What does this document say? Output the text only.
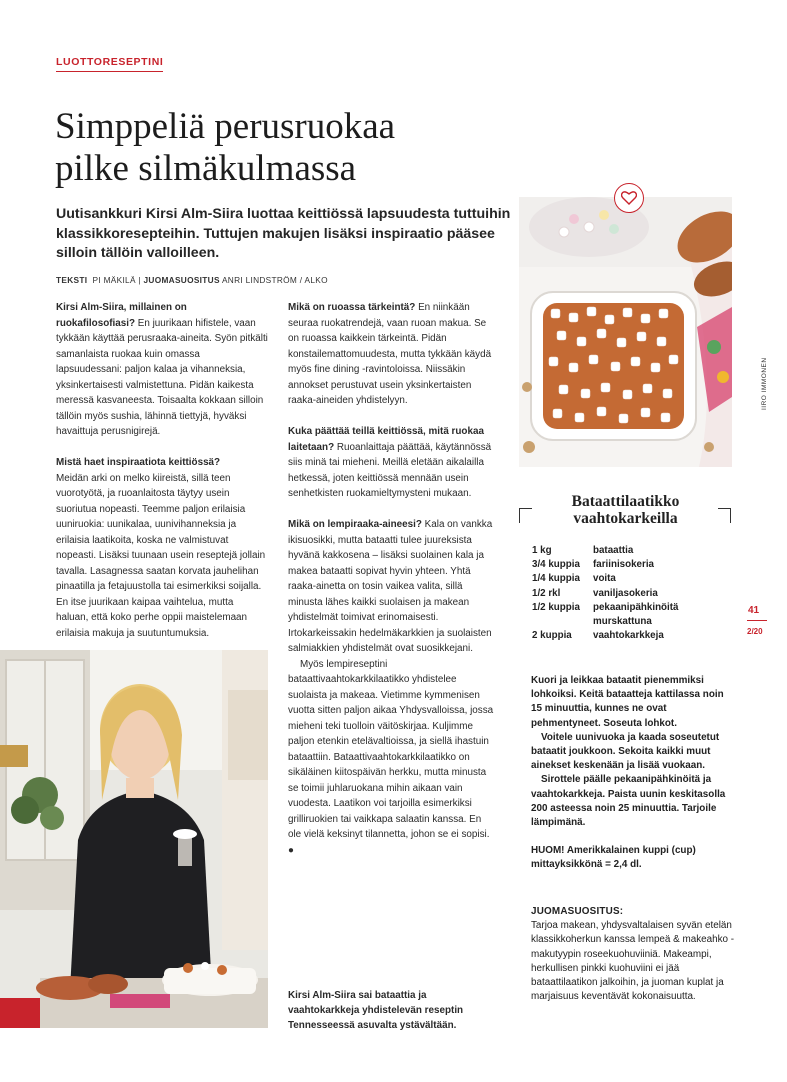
LUOTTORESEPTINI
Simppeliä perusruokaa
pilke silmäkulmassa

Uutisankkuri Kirsi Alm-Siira luottaa keittiössä lapsuudesta tuttuihin klassikkoresepteihin. Tuttujen makujen lisäksi inspiraatio pääsee silloin tällöin valloilleen.

TEKSTI PI MÄKILÄ | JUOMASUOSITUS ANRI LINDSTRÖM / ALKO

Kirsi Alm-Siira, millainen on ruokafilosofiasi? En juurikaan hifistele, vaan tykkään käyttää perusraaka-aineita. Syön pitkälti samanlaista ruokaa kuin omassa lapsuudessani: paljon kalaa ja vihanneksia, yksinkertaisesti valmistettuna. Pidän kaikesta meressä kasvaneesta. Toisaalta kokkaan silloin tällöin myös sushia, lähinnä tiettyjä, hyväksi havaittuja perusnigirejä.

Mistä haet inspiraatiota keittiössä?
Meidän arki on melko kiireistä, sillä teen vuorotyötä, ja ruoanlaitosta täytyy usein suoriutua nopeasti. Teemme paljon erilaisia uuniruokia: uunikalaa, uunivihanneksia ja erilaisia laatikoita, koska ne valmistuvat nopeasti. Lisäksi tuunaan usein reseptejä jollain tavalla. Lasagnessa saatan korvata jauhelihan pinaatilla ja fetajuustolla tai esimerkiksi soijalla. En itse juurikaan kaipaa vaihtelua, mutta haluan, että koko perhe oppii maistelemaan erilaisia makuja ja suutuntumuksia.

Mikä on ruoassa tärkeintä? En niinkään seuraa ruokatrendejä, vaan ruoan makua. Se on ruoassa kaikkein tärkeintä. Pidän konstailemattomuudesta, mutta tykkään käydä myös fine dining -ravintoloissa. Niissäkin annokset perustuvat usein yksinkertaisten raaka-aineiden yhdistelyyn.

Kuka päättää teillä keittiössä, mitä ruokaa laitetaan? Ruoanlaittaja päättää, käytännössä siis minä tai mieheni. Meillä eletään aikalailla hetkessä, joten keittiössä mennään usein senhetkisten ruokamieltymysteni mukaan.

Mikä on lempiraaka-aineesi? Kala on vankka ikisuosikki, mutta bataatti tulee juureksista hyvänä kakkosena – lisäksi suolainen kala ja makea bataatti sopivat hyvin yhteen. Yhtä raaka-ainetta on tosin vaikea valita, sillä minusta lähes kaikki suolaisen ja makean yhdistelmät toimivat erinomaisesti. Irtokarkeissakin hedelmäkarkkien ja suolaisten salmiakkien yhdistelmät ovat suosikkejani.

Myös lempireseptini bataattivaahtokarkkilaatikko yhdistelee suolaista ja makeaa. Vietimme kymmenisen vuotta sitten paljon aikaa Yhdysvalloissa, jossa mieheni teki tuolloin väitöskirjaa. Kuljimme paljon etenkin etelävaltioissa, ja siellä ihastuin bataattiin. Bataattivaahtokarkkilaatikko on sikäläinen kiitospäivän herkku, mutta minusta se toimii juhlaruokana mihin aikaan vain vuodesta. Laatikon voi tarjoilla esimerkiksi grilliruokien tai vaikkapa salaatin kanssa. En ole vielä keksinyt tilannetta, johon se ei sopisi. ●

Kirsi Alm-Siira sai bataattia ja vaahtokarkkeja yhdistelevän reseptin Tennesseessä asuvalta ystävältään.
IIRO IMMONEN
Bataattilaatikko
vaahtokarkeilla
1 kg	bataattia
3/4 kuppia	fariinisokeria
1/4 kuppia	voita
1/2 rkl	vaniljasokeria
1/2 kuppia	pekaanipähkinöitä murskattuna
2 kuppia	vaahtokarkkeja
41
2/20

Kuori ja leikkaa bataatit pienemmiksi lohkoiksi. Keitä bataatteja kattilassa noin 15 minuuttia, kunnes ne ovat pehmentyneet. Soseuta lohkot.

Voitele uunivuoka ja kaada soseutetut bataatit joukkoon. Sekoita kaikki muut ainekset keskenään ja lisää vuokaan.

Sirottele päälle pekaanipähkinöitä ja vaahtokarkkeja. Paista uunin keskitasolla 200 asteessa noin 25 minuuttia. Tarjoile lämpimänä.

HUOM! Amerikkalainen kuppi (cup) mittayksikkönä = 2,4 dl.

JUOMASUOSITUS:
Tarjoa makean, yhdysvaltalaisen syvän etelän klassikkoherkun kanssa lempeä & makeahko -makutyypin roseekuohuviiniä. Makeampi, herkullisen pinkki kuohuviini ei jää bataattilaatikon jalkoihin, ja juoman kuplat ja marjaisuus keventävät kokonaisuutta.
